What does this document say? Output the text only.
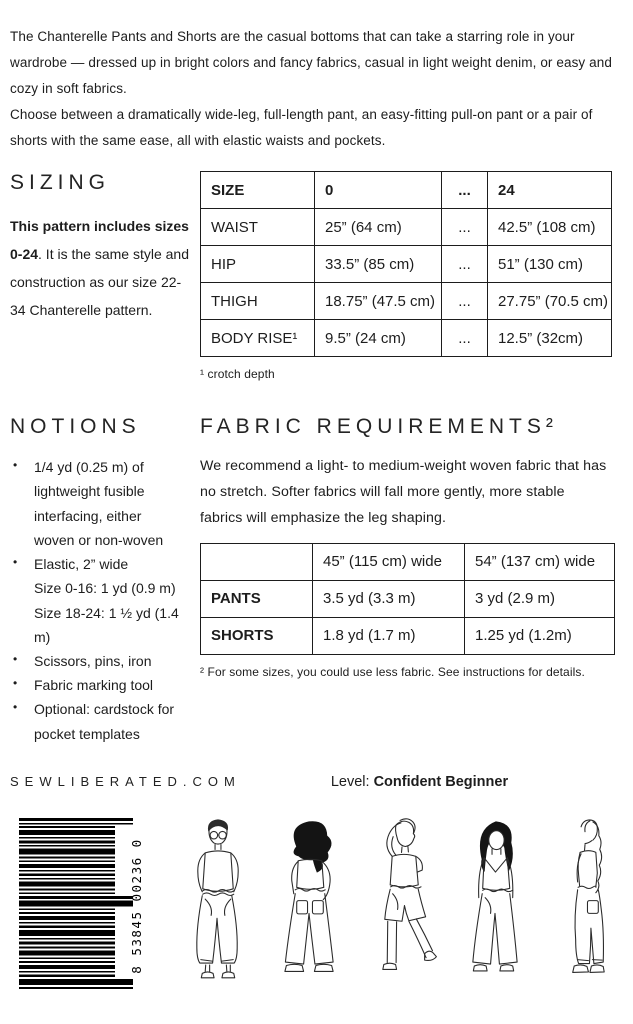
The Chanterelle Pants and Shorts are the casual bottoms that can take a starring role in your wardrobe — dressed up in bright colors and fancy fabrics, casual in light weight denim, or easy and cozy in soft fabrics.

Choose between a dramatically wide-leg, full-length pant, an easy-fitting pull-on pant or a pair of shorts with the same ease, all with elastic waists and pockets.

SIZING

This pattern includes sizes 0-24. It is the same style and construction as our size 22-34 Chanterelle pattern.

SIZE	0	...	24
WAIST	25” (64 cm)	...	42.5” (108 cm)
HIP	33.5” (85 cm)	...	51” (130 cm)
THIGH	18.75” (47.5 cm)	...	27.75” (70.5 cm)
BODY RISE¹	9.5” (24 cm)	...	12.5” (32cm)

¹ crotch depth

NOTIONS
• 1/4 yd (0.25 m) of lightweight fusible interfacing, either woven or non-woven
• Elastic, 2” wide
Size 0-16: 1 yd (0.9 m)
Size 18-24: 1 ½ yd (1.4 m)
• Scissors, pins, iron
• Fabric marking tool
• Optional: cardstock for pocket templates
FABRIC REQUIREMENTS²

We recommend a light- to medium-weight woven fabric that has no stretch. Softer fabrics will fall more gently, more stable fabrics will emphasize the leg shaping.

	45” (115 cm) wide	54” (137 cm) wide
PANTS	3.5 yd (3.3 m)	3 yd (2.9 m)
SHORTS	1.8 yd (1.7 m)	1.25 yd (1.2m)

² For some sizes, you could use less fabric. See instructions for details.

SEWLIBERATED.COM	Level: Confident Beginner
8 53845 00236 0
